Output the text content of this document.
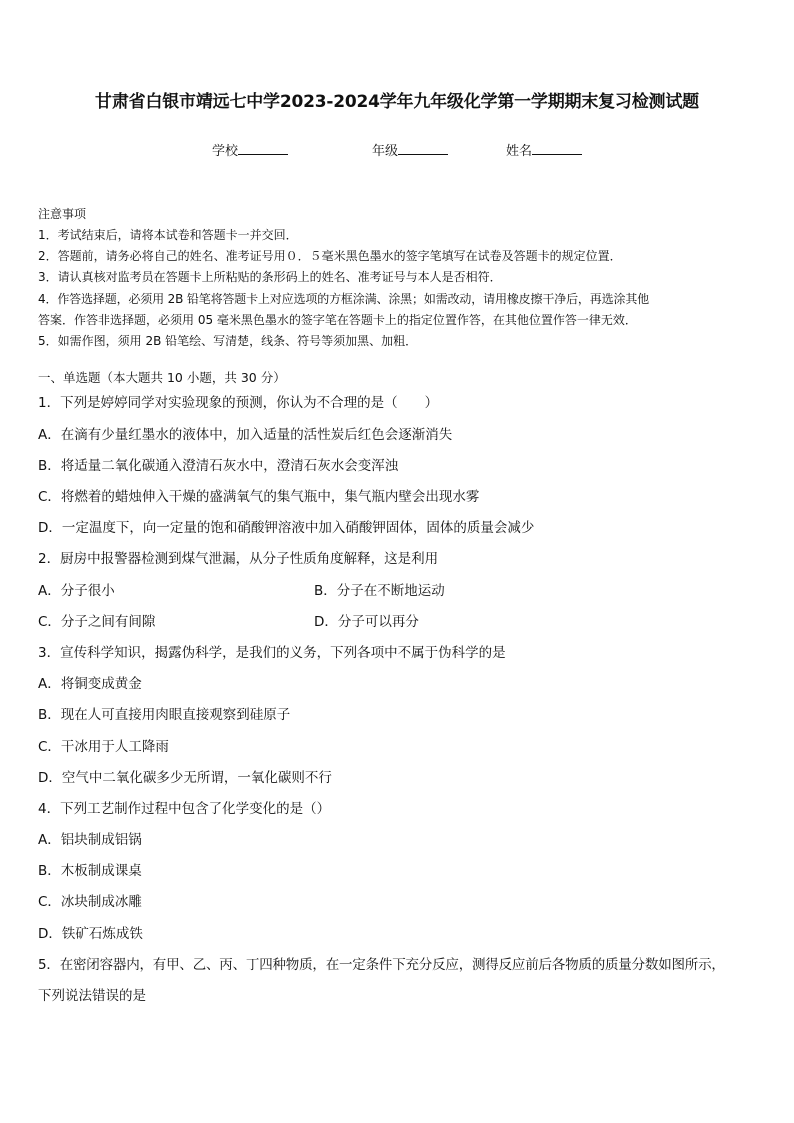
甘肃省白银市靖远七中学2023-2024学年九年级化学第一学期期末复习检测试题
学校	年级	姓名
注意事项
1．考试结束后，请将本试卷和答题卡一并交回．
2．答题前，请务必将自己的姓名、准考证号用０．５毫米黑色墨水的签字笔填写在试卷及答题卡的规定位置．
3．请认真核对监考员在答题卡上所粘贴的条形码上的姓名、准考证号与本人是否相符．
4．作答选择题，必须用 2B 铅笔将答题卡上对应选项的方框涂满、涂黑；如需改动，请用橡皮擦干净后，再选涂其他
答案．作答非选择题，必须用 05 毫米黑色墨水的签字笔在答题卡上的指定位置作答，在其他位置作答一律无效．
5．如需作图，须用 2B 铅笔绘、写清楚，线条、符号等须加黑、加粗．
一、单选题（本大题共 10 小题，共 30 分）
1．下列是婷婷同学对实验现象的预测，你认为不合理的是（　　）
A．在滴有少量红墨水的液体中，加入适量的活性炭后红色会逐渐消失
B．将适量二氧化碳通入澄清石灰水中，澄清石灰水会变浑浊
C．将燃着的蜡烛伸入干燥的盛满氧气的集气瓶中，集气瓶内壁会出现水雾
D．一定温度下，向一定量的饱和硝酸钾溶液中加入硝酸钾固体，固体的质量会减少
2．厨房中报警器检测到煤气泄漏，从分子性质角度解释，这是利用
A．分子很小	B．分子在不断地运动
C．分子之间有间隙	D．分子可以再分
3．宣传科学知识，揭露伪科学，是我们的义务，下列各项中不属于伪科学的是
A．将铜变成黄金
B．现在人可直接用肉眼直接观察到硅原子
C．干冰用于人工降雨
D．空气中二氧化碳多少无所谓，一氧化碳则不行
4．下列工艺制作过程中包含了化学变化的是（）
A．铝块制成铝锅
B．木板制成课桌
C．冰块制成冰雕
D．铁矿石炼成铁
5．在密闭容器内，有甲、乙、丙、丁四种物质，在一定条件下充分反应，测得反应前后各物质的质量分数如图所示，
下列说法错误的是
